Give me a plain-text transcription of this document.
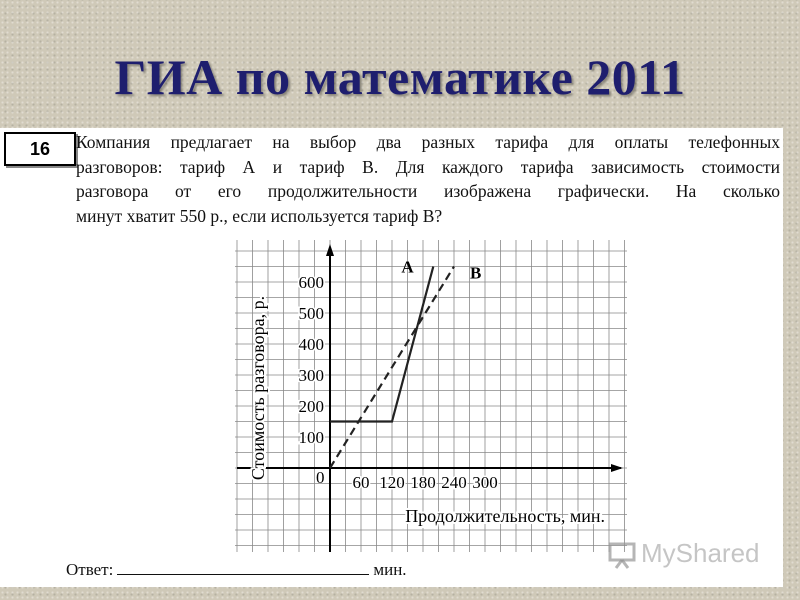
ГИА по математике 2011
16	Компания предлагает на выбор два разных тарифа для оплаты телефонных
разговоров: тариф А и тариф В. Для каждого тарифа зависимость стоимости
разговора от его продолжительности изображена графически. На сколько
минут хватит 550 р., если используется тариф В?
0
100
200
300
400
500
600
60 120 180 240 300
А	В
Продолжительность, мин.
Стоимость разговора, р.
Ответ:	мин.
MyShared
